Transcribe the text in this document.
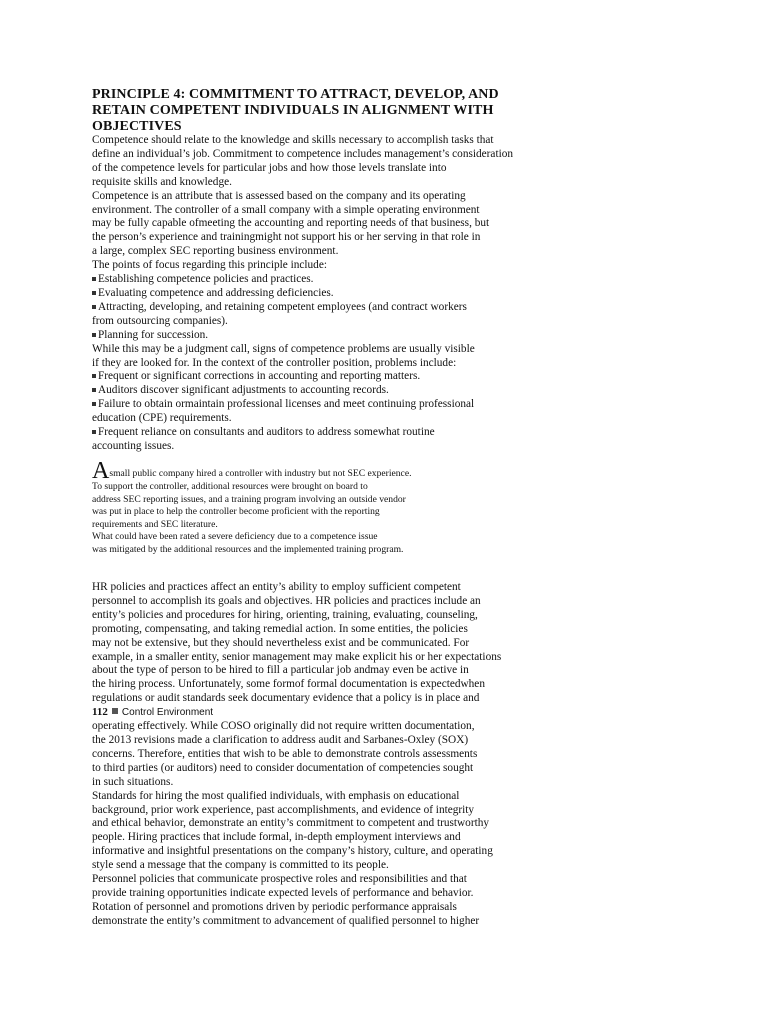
PRINCIPLE 4: COMMITMENT TO ATTRACT, DEVELOP, AND
RETAIN COMPETENT INDIVIDUALS IN ALIGNMENT WITH
OBJECTIVES
Competence should relate to the knowledge and skills necessary to accomplish tasks that
define an individual’s job. Commitment to competence includes management’s consideration
of the competence levels for particular jobs and how those levels translate into
requisite skills and knowledge.
Competence is an attribute that is assessed based on the company and its operating
environment. The controller of a small company with a simple operating environment
may be fully capable ofmeeting the accounting and reporting needs of that business, but
the person’s experience and trainingmight not support his or her serving in that role in
a large, complex SEC reporting business environment.
The points of focus regarding this principle include:
Establishing competence policies and practices.
Evaluating competence and addressing deficiencies.
Attracting, developing, and retaining competent employees (and contract workers
from outsourcing companies).
Planning for succession.
While this may be a judgment call, signs of competence problems are usually visible
if they are looked for. In the context of the controller position, problems include:
Frequent or significant corrections in accounting and reporting matters.
Auditors discover significant adjustments to accounting records.
Failure to obtain ormaintain professional licenses and meet continuing professional
education (CPE) requirements.
Frequent reliance on consultants and auditors to address somewhat routine
accounting issues.
Asmall public company hired a controller with industry but not SEC experience.
To support the controller, additional resources were brought on board to
address SEC reporting issues, and a training program involving an outside vendor
was put in place to help the controller become proficient with the reporting
requirements and SEC literature.
What could have been rated a severe deficiency due to a competence issue
was mitigated by the additional resources and the implemented training program.
HR policies and practices affect an entity’s ability to employ sufficient competent
personnel to accomplish its goals and objectives. HR policies and practices include an
entity’s policies and procedures for hiring, orienting, training, evaluating, counseling,
promoting, compensating, and taking remedial action. In some entities, the policies
may not be extensive, but they should nevertheless exist and be communicated. For
example, in a smaller entity, senior management may make explicit his or her expectations
about the type of person to be hired to fill a particular job andmay even be active in
the hiring process. Unfortunately, some formof formal documentation is expectedwhen
regulations or audit standards seek documentary evidence that a policy is in place and
112 Control Environment
operating effectively. While COSO originally did not require written documentation,
the 2013 revisions made a clarification to address audit and Sarbanes-Oxley (SOX)
concerns. Therefore, entities that wish to be able to demonstrate controls assessments
to third parties (or auditors) need to consider documentation of competencies sought
in such situations.
Standards for hiring the most qualified individuals, with emphasis on educational
background, prior work experience, past accomplishments, and evidence of integrity
and ethical behavior, demonstrate an entity’s commitment to competent and trustworthy
people. Hiring practices that include formal, in-depth employment interviews and
informative and insightful presentations on the company’s history, culture, and operating
style send a message that the company is committed to its people.
Personnel policies that communicate prospective roles and responsibilities and that
provide training opportunities indicate expected levels of performance and behavior.
Rotation of personnel and promotions driven by periodic performance appraisals
demonstrate the entity’s commitment to advancement of qualified personnel to higher
